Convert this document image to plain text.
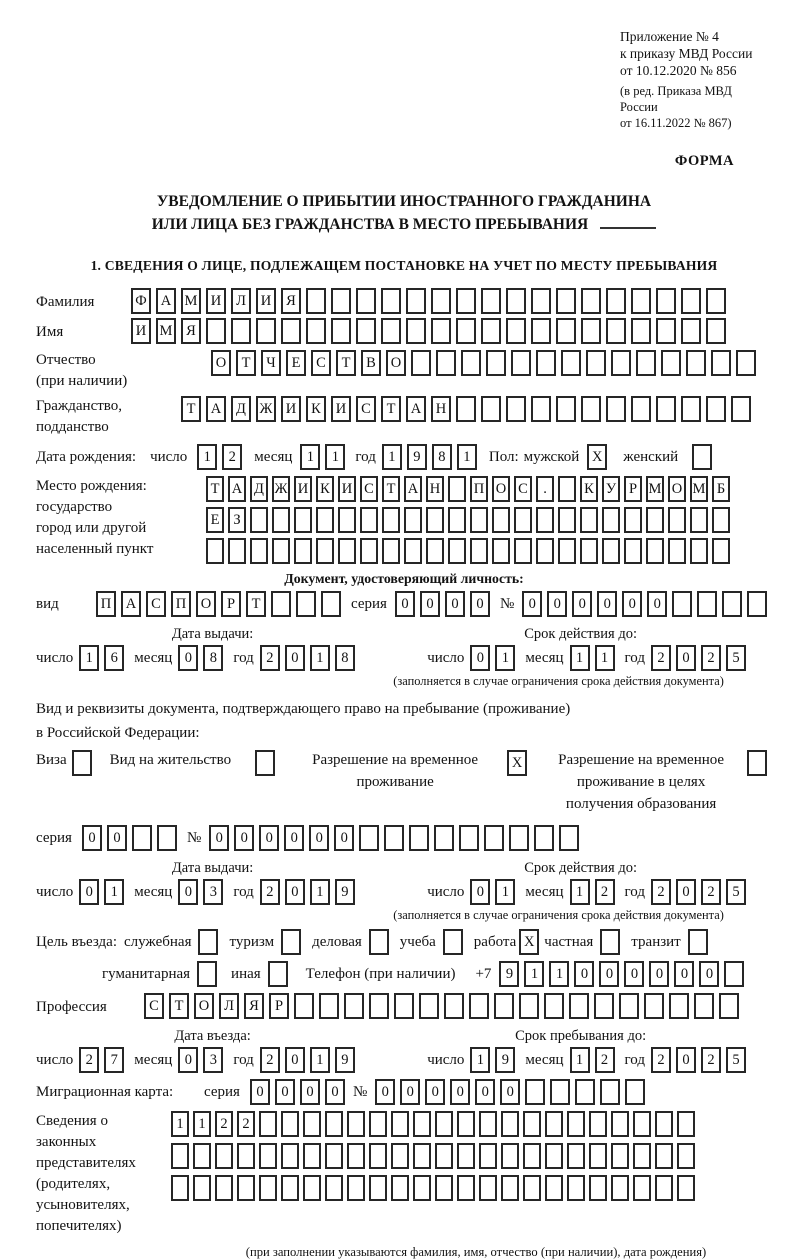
Приложение № 4
к приказу МВД России
от 10.12.2020 № 856
(в ред. Приказа МВД России
от 16.11.2022 № 867)
ФОРМА
УВЕДОМЛЕНИЕ О ПРИБЫТИИ ИНОСТРАННОГО ГРАЖДАНИНА
ИЛИ ЛИЦА БЕЗ ГРАЖДАНСТВА В МЕСТО ПРЕБЫВАНИЯ
1. СВЕДЕНИЯ О ЛИЦЕ, ПОДЛЕЖАЩЕМ ПОСТАНОВКЕ НА УЧЕТ ПО МЕСТУ ПРЕБЫВАНИЯ
Фамилия	Ф А М И	Л	И	Я
Имя	И М Я
Отчество
(при наличии)
О	Т	Ч	Е	С	Т	В	О
Гражданство,
подданство
Т	А	Д Ж И	К	И	С	Т	А	Н
Дата рождения: число	1	2	месяц 1	1	год 1	9	8	1	Пол: мужской X	женский
Место рождения:
государство
город или другой
населенный пункт
Т А Д Ж И К И С Т А Н П О С	.	К У Р М О М Б
Е З
Документ, удостоверяющий личность:
вид	П	А	С	П	О	Р	Т	серия 0	0	0	0	№ 0	0	0	0	0	0
Дата выдачи:	Срок действия до:
число 1	6	месяц 0	8	год 2	0	1	8	число 0	1	месяц 1	1	год 2	0	2	5
(заполняется в случае ограничения срока действия документа)
Вид и реквизиты документа, подтверждающего право на пребывание (проживание)
в Российской Федерации:
Виза	Вид на жительство	Разрешение на временное проживание
X	Разрешение на временное проживание в целях получения образования
серия	0	0	№ 0	0	0	0	0	0
Дата выдачи:	Срок действия до:
число 0	1	месяц 0	3	год 2	0	1	9	число 0	1	месяц 1	2	год 2	0	2	5
(заполняется в случае ограничения срока действия документа)
Цель въезда: служебная	туризм	деловая	учеба	работа X частная	транзит
гуманитарная	иная	Телефон (при наличии) +7 9	1	1	0	0	0	0	0	0
Профессия	С	Т	О	Л	Я	Р
Дата въезда:	Срок пребывания до:
число 2	7	месяц 0	3	год 2	0	1	9	число 1	9	месяц 1	2	год 2	0	2	5
Миграционная карта:	серия	0	0	0	0 № 0	0	0	0	0	0
Сведения о
законных
представителях
(родителях,
усыновителях,
попечителях)
1	1	2	2
(при заполнении указываются фамилия, имя, отчество (при наличии), дата рождения)
